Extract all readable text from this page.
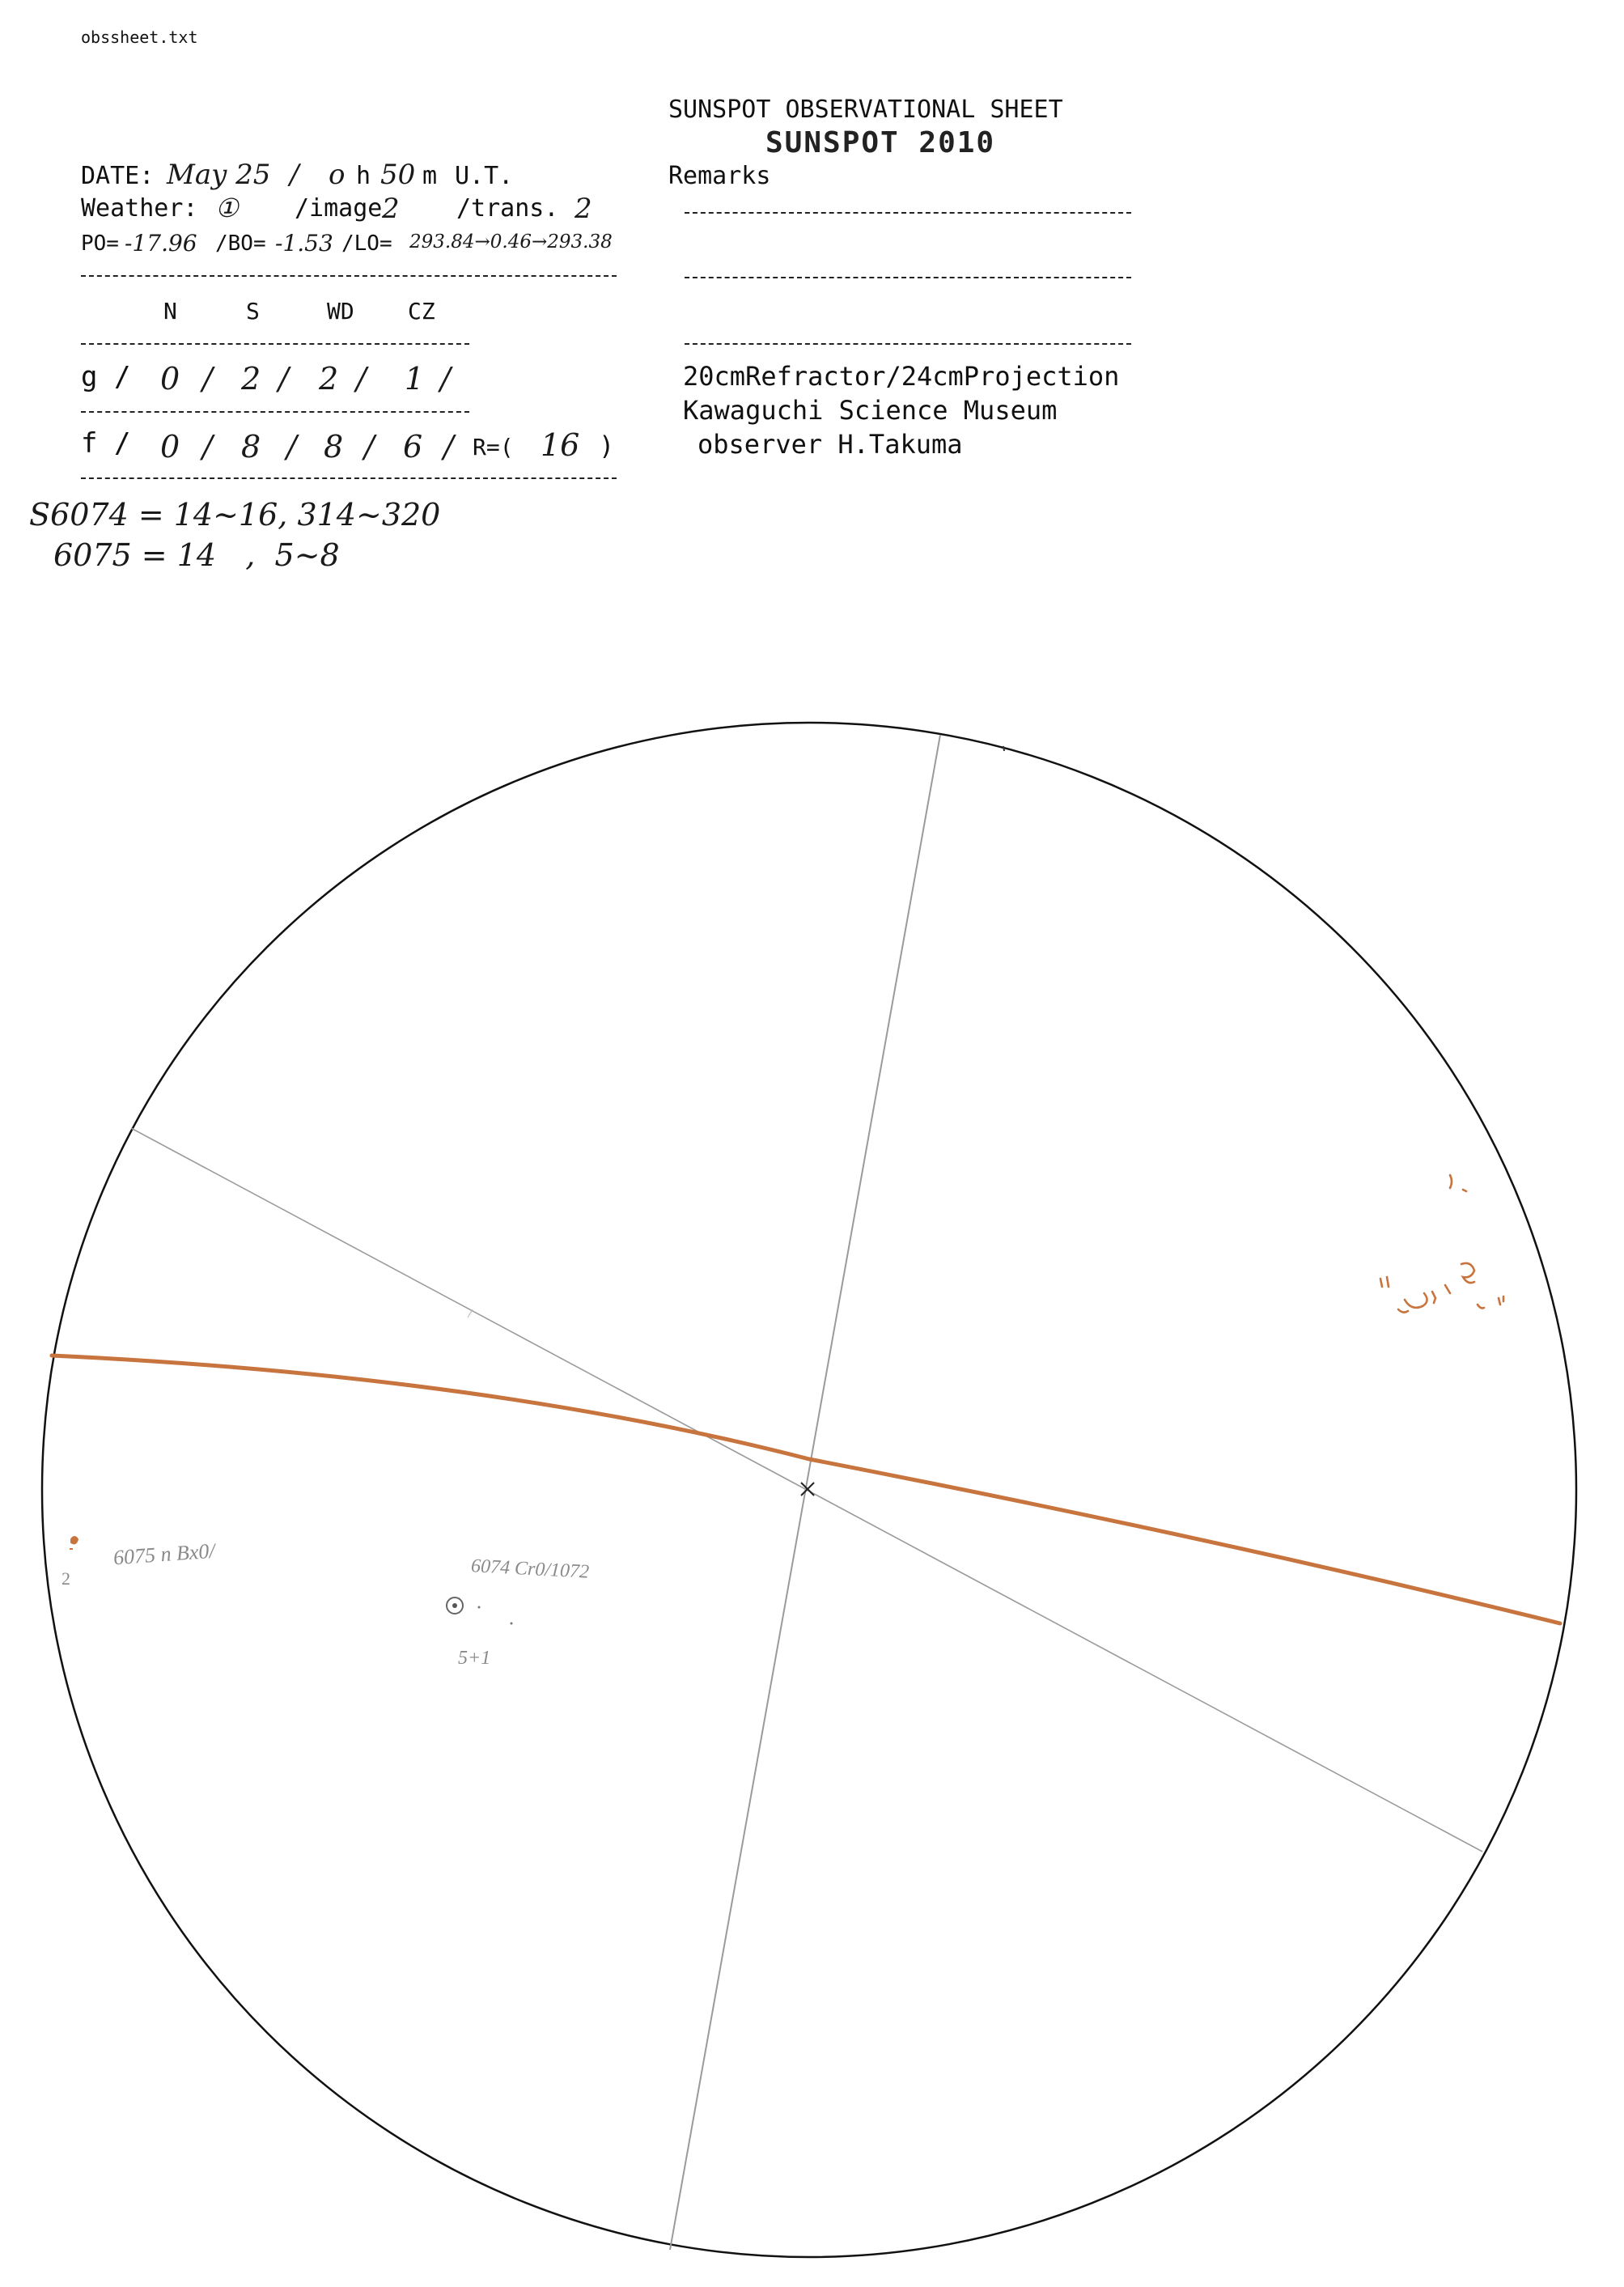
obssheet.txt
SUNSPOT OBSERVATIONAL SHEET
SUNSPOT 2010
DATE: May 25 / o h 50 m U.T.
Weather: ① /image 2 /trans. 2
PO= -17.96 /BO= -1.53 /LO= 293.84→0.46→293.38
N	S	WD CZ
g / 0 / 2 / 2 / 1 /
f / 0 / 8 / 8 / 6 / R=( 16 )
S6074 = 14~16, 314~320
6075 = 14   ,  5~8
Remarks
20cmRefractor/24cmProjection
Kawaguchi Science Museum
observer H.Takuma
6075 n Bx0/
2	6074 Cr0/1072
5+1
